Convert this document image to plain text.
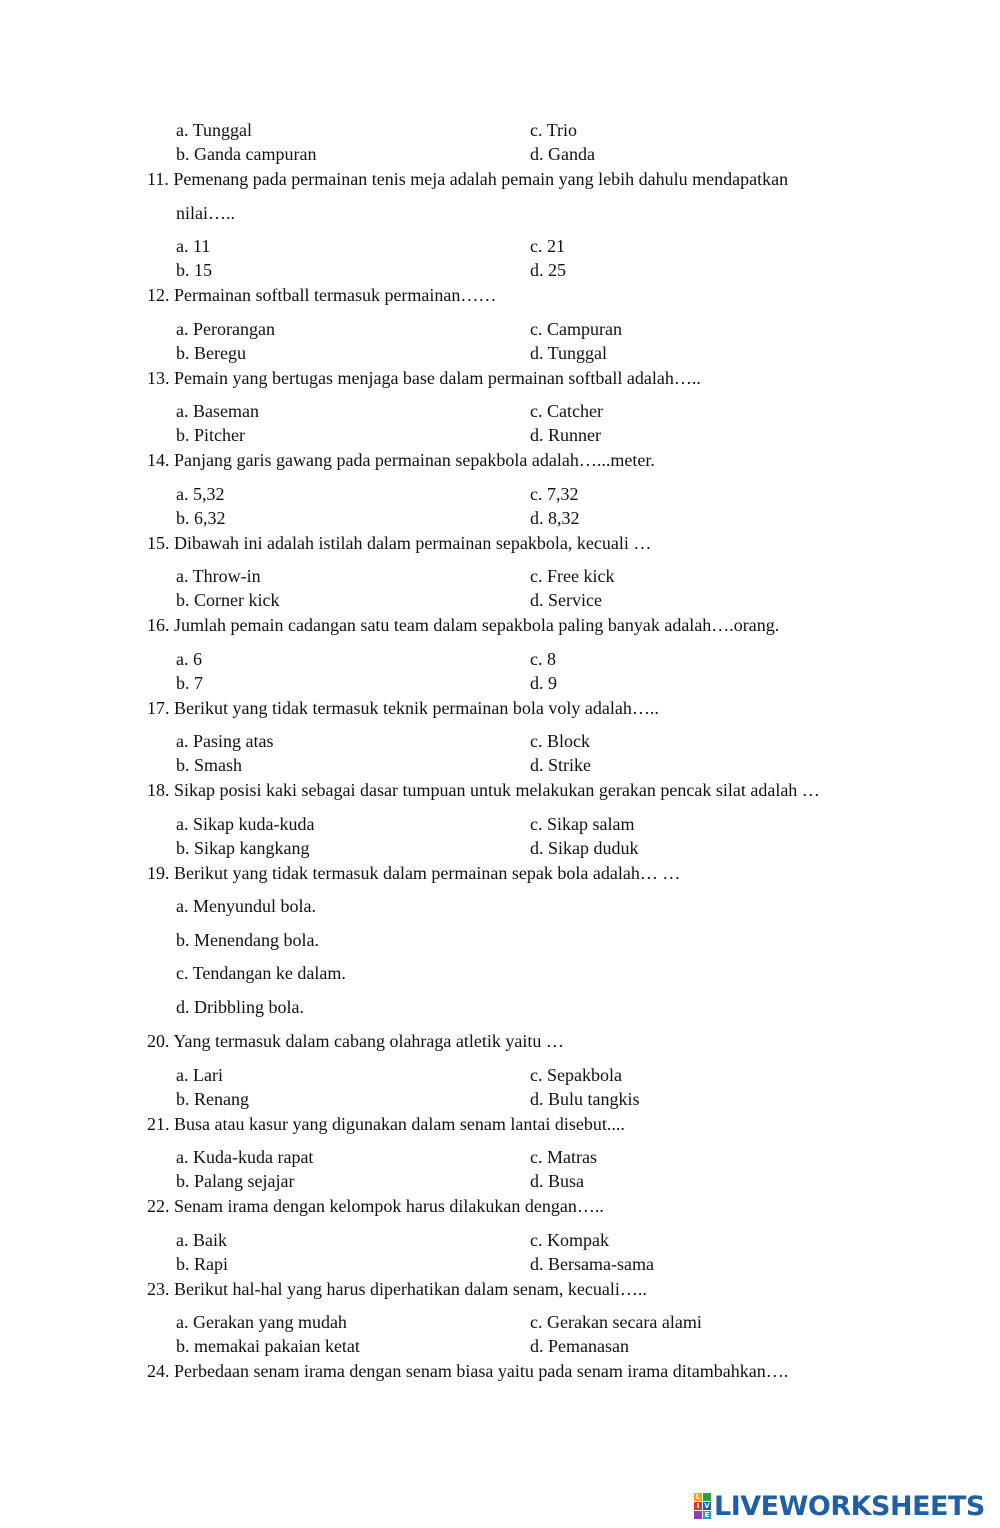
a. Tunggal	c. Trio
b. Ganda campuran	d. Ganda
11. Pemenang pada permainan tenis meja adalah pemain yang lebih dahulu mendapatkan
nilai…..
a. 11	c. 21
b. 15	d. 25
12. Permainan softball termasuk permainan……
a. Perorangan	c. Campuran
b. Beregu	d. Tunggal
13. Pemain yang bertugas menjaga base dalam permainan softball adalah…..
a. Baseman	c. Catcher
b. Pitcher	d. Runner
14. Panjang garis gawang pada permainan sepakbola adalah…...meter.
a. 5,32	c. 7,32
b. 6,32	d. 8,32
15. Dibawah ini adalah istilah dalam permainan sepakbola, kecuali …
a. Throw-in	c. Free kick
b. Corner kick	d. Service
16. Jumlah pemain cadangan satu team dalam sepakbola paling banyak adalah….orang.
a. 6	c. 8
b. 7	d. 9
17. Berikut yang tidak termasuk teknik permainan bola voly adalah…..
a. Pasing atas	c. Block
b. Smash	d. Strike
18. Sikap posisi kaki sebagai dasar tumpuan untuk melakukan gerakan pencak silat adalah …
a. Sikap kuda-kuda	c. Sikap salam
b. Sikap kangkang	d. Sikap duduk
19. Berikut yang tidak termasuk dalam permainan sepak bola adalah… …
a. Menyundul bola.
b. Menendang bola.
c. Tendangan ke dalam.
d. Dribbling bola.
20. Yang termasuk dalam cabang olahraga atletik yaitu …
a. Lari	c. Sepakbola
b. Renang	d. Bulu tangkis
21. Busa atau kasur yang digunakan dalam senam lantai disebut....
a. Kuda-kuda rapat	c. Matras
b. Palang sejajar	d. Busa
22. Senam irama dengan kelompok harus dilakukan dengan…..
a. Baik	c. Kompak
b. Rapi	d. Bersama-sama
23. Berikut hal-hal yang harus diperhatikan dalam senam, kecuali…..
a. Gerakan yang mudah	c. Gerakan secara alami
b. memakai pakaian ketat	d. Pemanasan
24. Perbedaan senam irama dengan senam biasa yaitu pada senam irama ditambahkan….
L
I V
E LIVEWORKSHEETS
